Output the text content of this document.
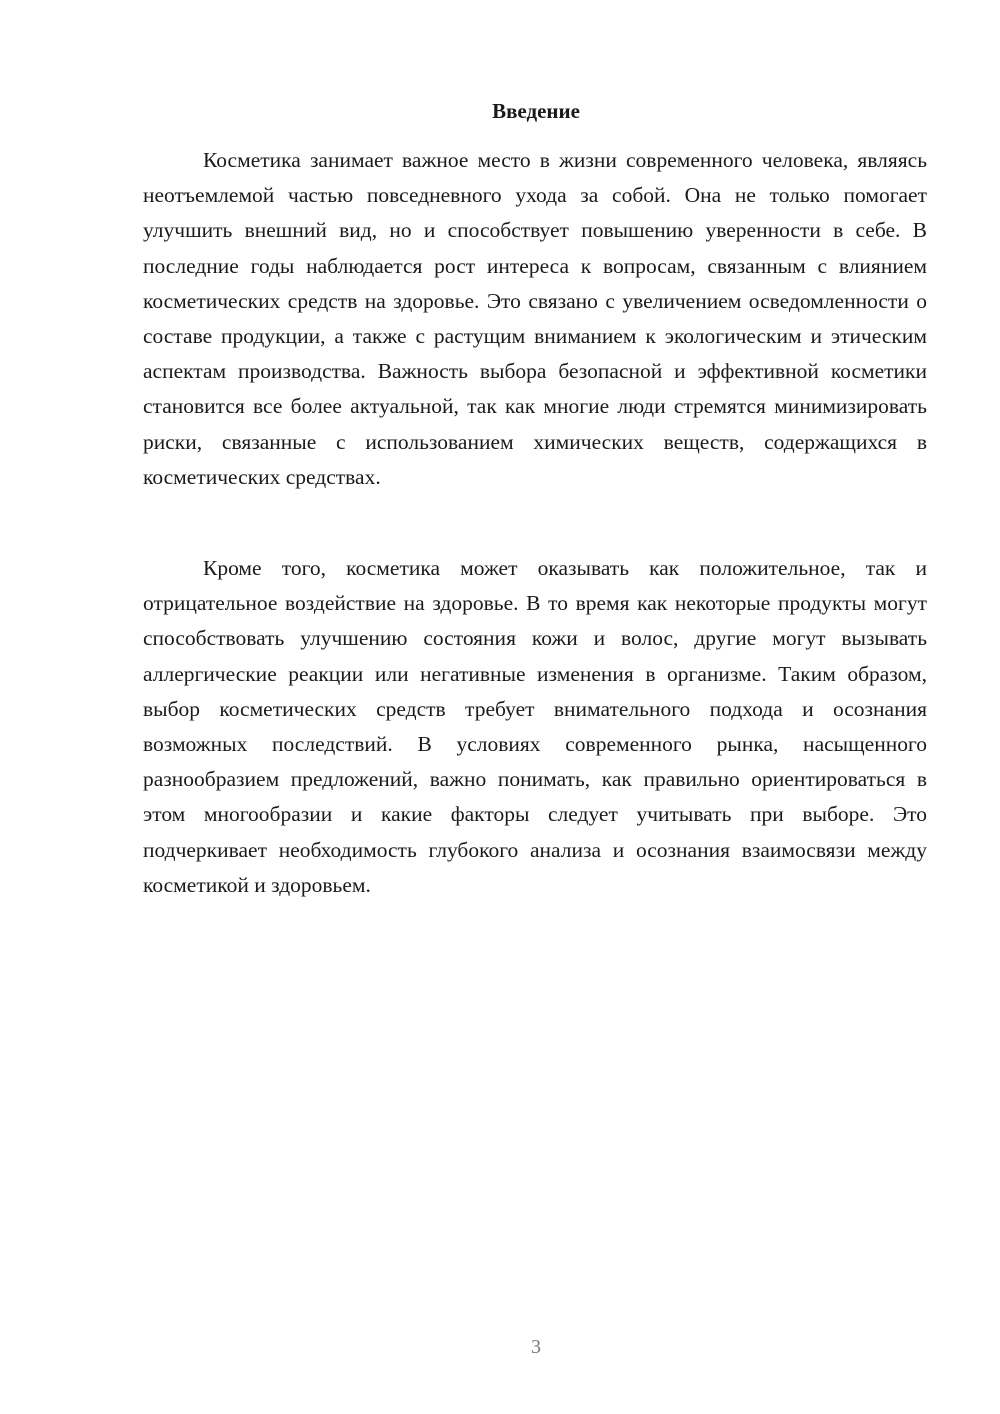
Введение

Косметика занимает важное место в жизни современного человека, являясь неотъемлемой частью повседневного ухода за собой. Она не только помогает улучшить внешний вид, но и способствует повышению уверенности в себе. В последние годы наблюдается рост интереса к вопросам, связанным с влиянием косметических средств на здоровье. Это связано с увеличением осведомленности о составе продукции, а также с растущим вниманием к экологическим и этическим аспектам производства. Важность выбора безопасной и эффективной косметики становится все более актуальной, так как многие люди стремятся минимизировать риски, связанные с использованием химических веществ, содержащихся в косметических средствах.

Кроме того, косметика может оказывать как положительное, так и отрицательное воздействие на здоровье. В то время как некоторые продукты могут способствовать улучшению состояния кожи и волос, другие могут вызывать аллергические реакции или негативные изменения в организме. Таким образом, выбор косметических средств требует внимательного подхода и осознания возможных последствий. В условиях современного рынка, насыщенного разнообразием предложений, важно понимать, как правильно ориентироваться в этом многообразии и какие факторы следует учитывать при выборе. Это подчеркивает необходимость глубокого анализа и осознания взаимосвязи между косметикой и здоровьем.

3
